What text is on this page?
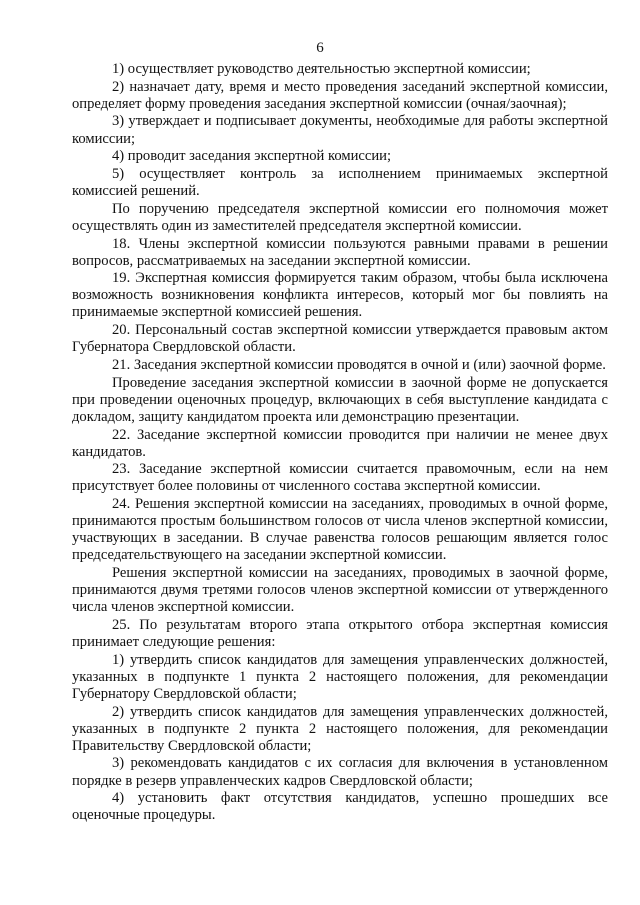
6

1) осуществляет руководство деятельностью экспертной комиссии;

2) назначает дату, время и место проведения заседаний экспертной комиссии, определяет форму проведения заседания экспертной комиссии (очная/заочная);

3) утверждает и подписывает документы, необходимые для работы экспертной комиссии;

4) проводит заседания экспертной комиссии;

5) осуществляет контроль за исполнением принимаемых экспертной комиссией решений.

По поручению председателя экспертной комиссии его полномочия может осуществлять один из заместителей председателя экспертной комиссии.

18. Члены экспертной комиссии пользуются равными правами в решении вопросов, рассматриваемых на заседании экспертной комиссии.

19. Экспертная комиссия формируется таким образом, чтобы была исключена возможность возникновения конфликта интересов, который мог бы повлиять на принимаемые экспертной комиссией решения.

20. Персональный состав экспертной комиссии утверждается правовым актом Губернатора Свердловской области.

21. Заседания экспертной комиссии проводятся в очной и (или) заочной форме.

Проведение заседания экспертной комиссии в заочной форме не допускается при проведении оценочных процедур, включающих в себя выступление кандидата с докладом, защиту кандидатом проекта или демонстрацию презентации.

22. Заседание экспертной комиссии проводится при наличии не менее двух кандидатов.

23. Заседание экспертной комиссии считается правомочным, если на нем присутствует более половины от численного состава экспертной комиссии.

24. Решения экспертной комиссии на заседаниях, проводимых в очной форме, принимаются простым большинством голосов от числа членов экспертной комиссии, участвующих в заседании. В случае равенства голосов решающим является голос председательствующего на заседании экспертной комиссии.

Решения экспертной комиссии на заседаниях, проводимых в заочной форме, принимаются двумя третями голосов членов экспертной комиссии от утвержденного числа членов экспертной комиссии.

25. По результатам второго этапа открытого отбора экспертная комиссия принимает следующие решения:

1) утвердить список кандидатов для замещения управленческих должностей, указанных в подпункте 1 пункта 2 настоящего положения, для рекомендации Губернатору Свердловской области;

2) утвердить список кандидатов для замещения управленческих должностей, указанных в подпункте 2 пункта 2 настоящего положения, для рекомендации Правительству Свердловской области;

3) рекомендовать кандидатов с их согласия для включения в установленном порядке в резерв управленческих кадров Свердловской области;

4) установить факт отсутствия кандидатов, успешно прошедших все оценочные процедуры.
